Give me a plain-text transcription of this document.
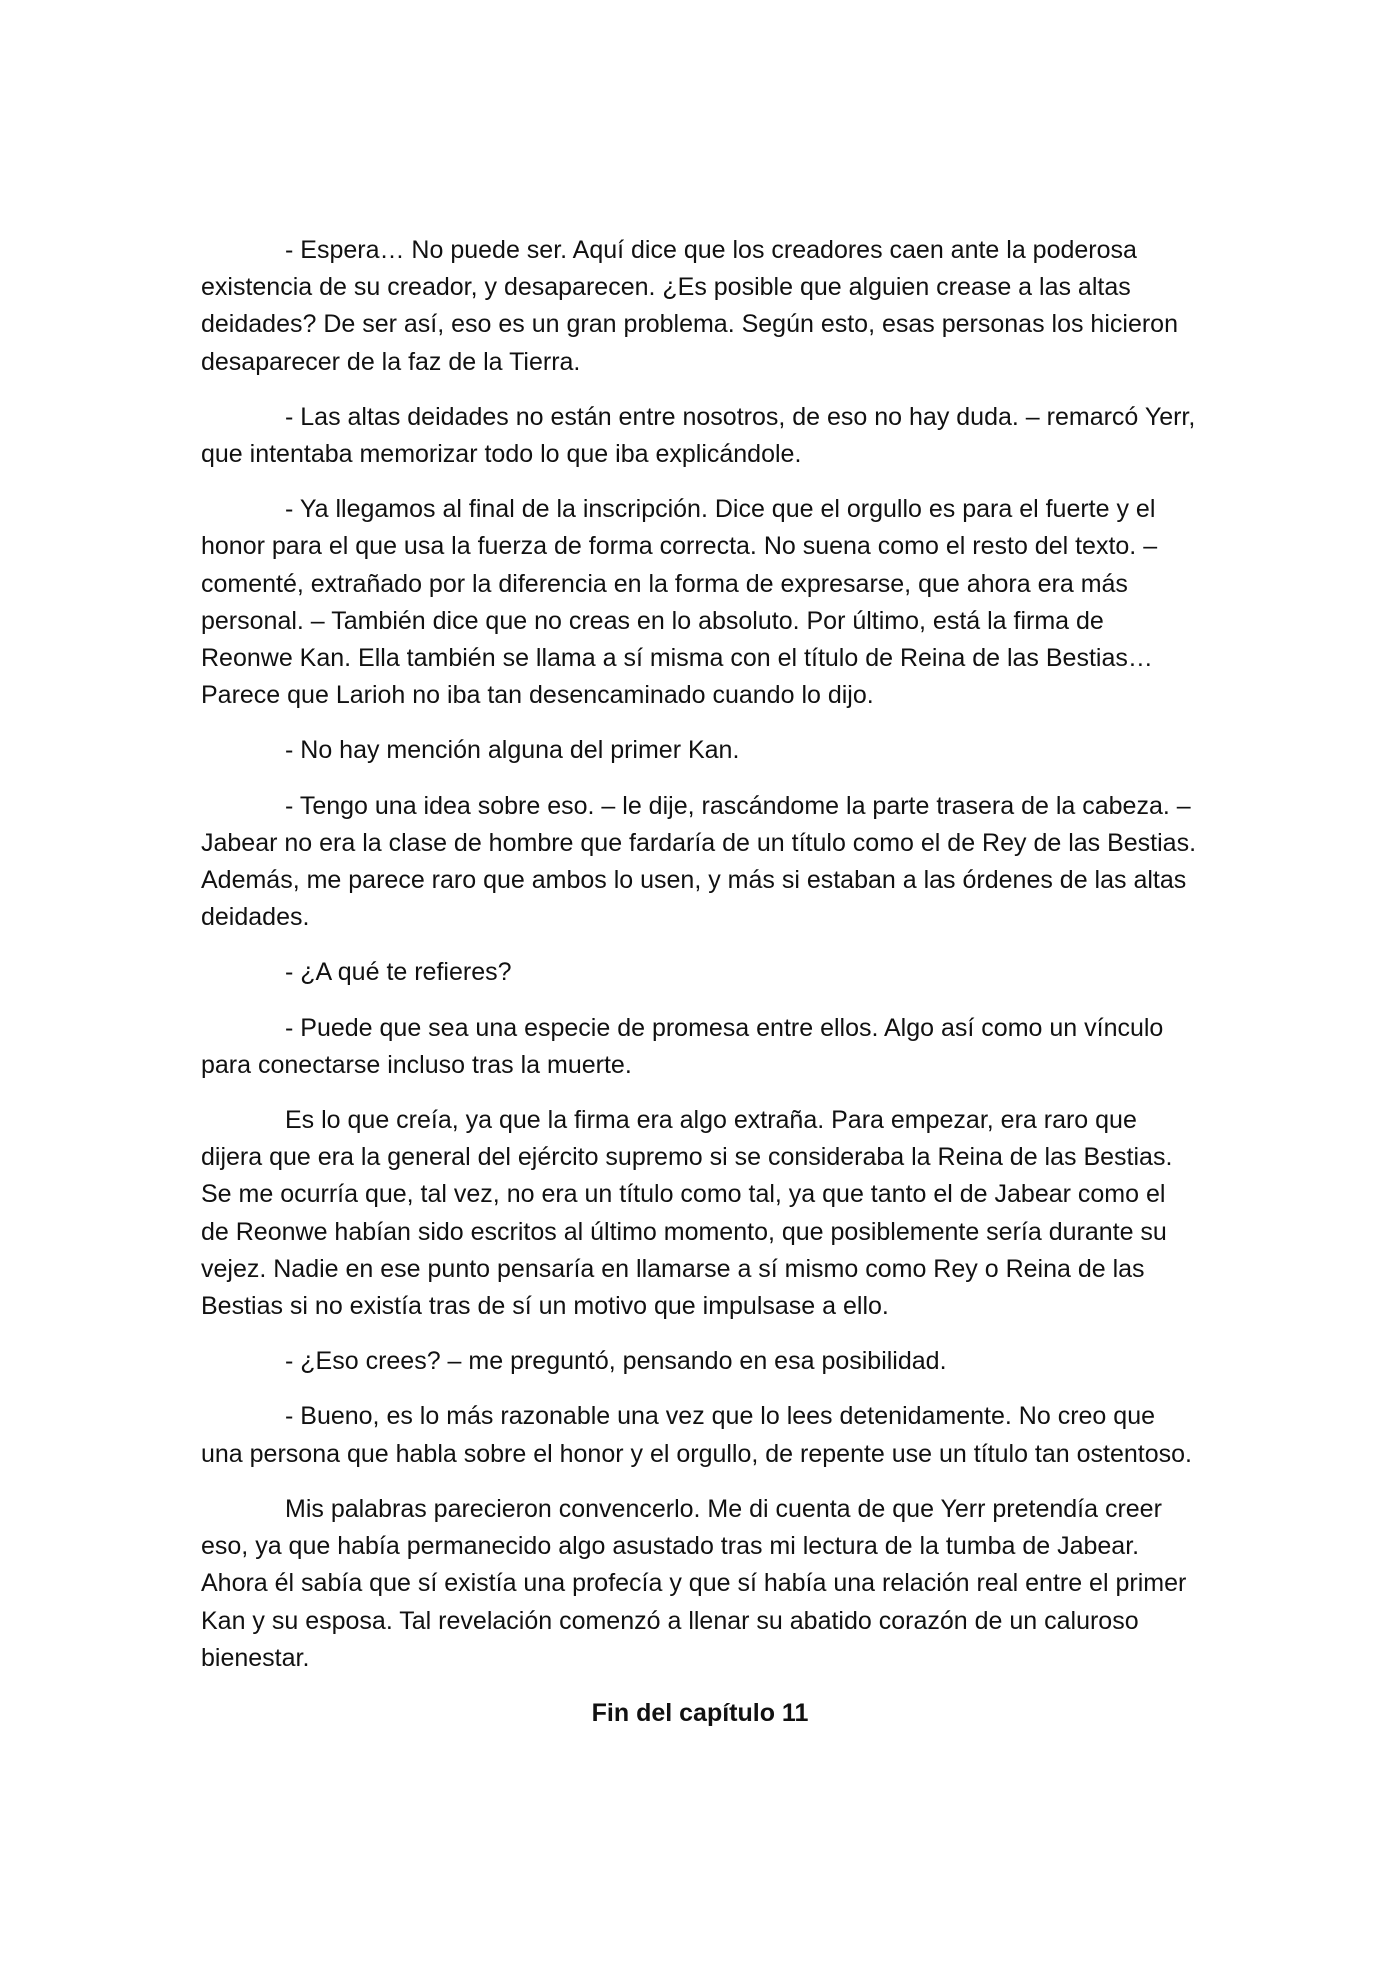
- Espera… No puede ser. Aquí dice que los creadores caen ante la poderosa existencia de su creador, y desaparecen. ¿Es posible que alguien crease a las altas deidades? De ser así, eso es un gran problema. Según esto, esas personas los hicieron desaparecer de la faz de la Tierra.

- Las altas deidades no están entre nosotros, de eso no hay duda. – remarcó Yerr, que intentaba memorizar todo lo que iba explicándole.

- Ya llegamos al final de la inscripción. Dice que el orgullo es para el fuerte y el honor para el que usa la fuerza de forma correcta. No suena como el resto del texto. – comenté, extrañado por la diferencia en la forma de expresarse, que ahora era más personal. – También dice que no creas en lo absoluto. Por último, está la firma de Reonwe Kan. Ella también se llama a sí misma con el título de Reina de las Bestias… Parece que Larioh no iba tan desencaminado cuando lo dijo.

- No hay mención alguna del primer Kan.

- Tengo una idea sobre eso. – le dije, rascándome la parte trasera de la cabeza. – Jabear no era la clase de hombre que fardaría de un título como el de Rey de las Bestias. Además, me parece raro que ambos lo usen, y más si estaban a las órdenes de las altas deidades.

- ¿A qué te refieres?

- Puede que sea una especie de promesa entre ellos. Algo así como un vínculo para conectarse incluso tras la muerte.

Es lo que creía, ya que la firma era algo extraña. Para empezar, era raro que dijera que era la general del ejército supremo si se consideraba la Reina de las Bestias. Se me ocurría que, tal vez, no era un título como tal, ya que tanto el de Jabear como el de Reonwe habían sido escritos al último momento, que posiblemente sería durante su vejez. Nadie en ese punto pensaría en llamarse a sí mismo como Rey o Reina de las Bestias si no existía tras de sí un motivo que impulsase a ello.

- ¿Eso crees? – me preguntó, pensando en esa posibilidad.

- Bueno, es lo más razonable una vez que lo lees detenidamente. No creo que una persona que habla sobre el honor y el orgullo, de repente use un título tan ostentoso.

Mis palabras parecieron convencerlo. Me di cuenta de que Yerr pretendía creer eso, ya que había permanecido algo asustado tras mi lectura de la tumba de Jabear. Ahora él sabía que sí existía una profecía y que sí había una relación real entre el primer Kan y su esposa. Tal revelación comenzó a llenar su abatido corazón de un caluroso bienestar.

Fin del capítulo 11
